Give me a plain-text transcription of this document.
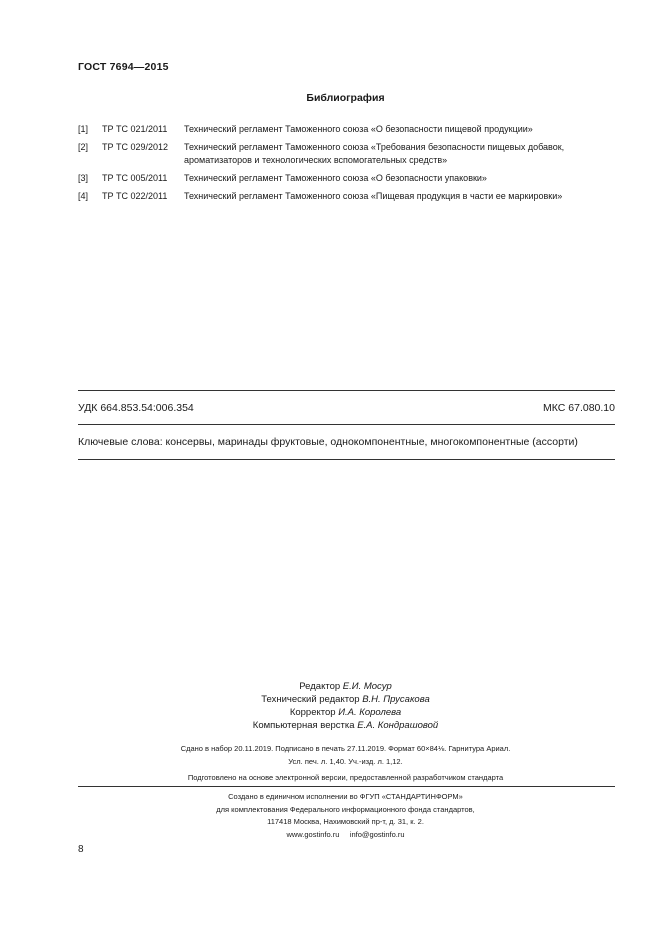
ГОСТ 7694—2015
Библиография
[1]	ТР ТС 021/2011	Технический регламент Таможенного союза «О безопасности пищевой продукции»
[2]	ТР ТС 029/2012	Технический регламент Таможенного союза «Требования безопасности пищевых добавок, ароматизаторов и технологических вспомогательных средств»
[3]	ТР ТС 005/2011	Технический регламент Таможенного союза «О безопасности упаковки»
[4]	ТР ТС 022/2011	Технический регламент Таможенного союза «Пищевая продукция в части ее маркировки»
УДК 664.853.54:006.354	МКС 67.080.10
Ключевые слова: консервы, маринады фруктовые, однокомпонентные, многокомпонентные (ассорти)
Редактор Е.И. Мосур
Технический редактор В.Н. Прусакова
Корректор И.А. Королева
Компьютерная верстка Е.А. Кондрашовой
Сдано в набор 20.11.2019. Подписано в печать 27.11.2019. Формат 60×84⅛. Гарнитура Ариал.
Усл. печ. л. 1,40. Уч.-изд. л. 1,12.
Подготовлено на основе электронной версии, предоставленной разработчиком стандарта
Создано в единичном исполнении во ФГУП «СТАНДАРТИНФОРМ»
для комплектования Федерального информационного фонда стандартов,
117418 Москва, Нахимовский пр-т, д. 31, к. 2.
www.gostinfo.ru info@gostinfo.ru
8
